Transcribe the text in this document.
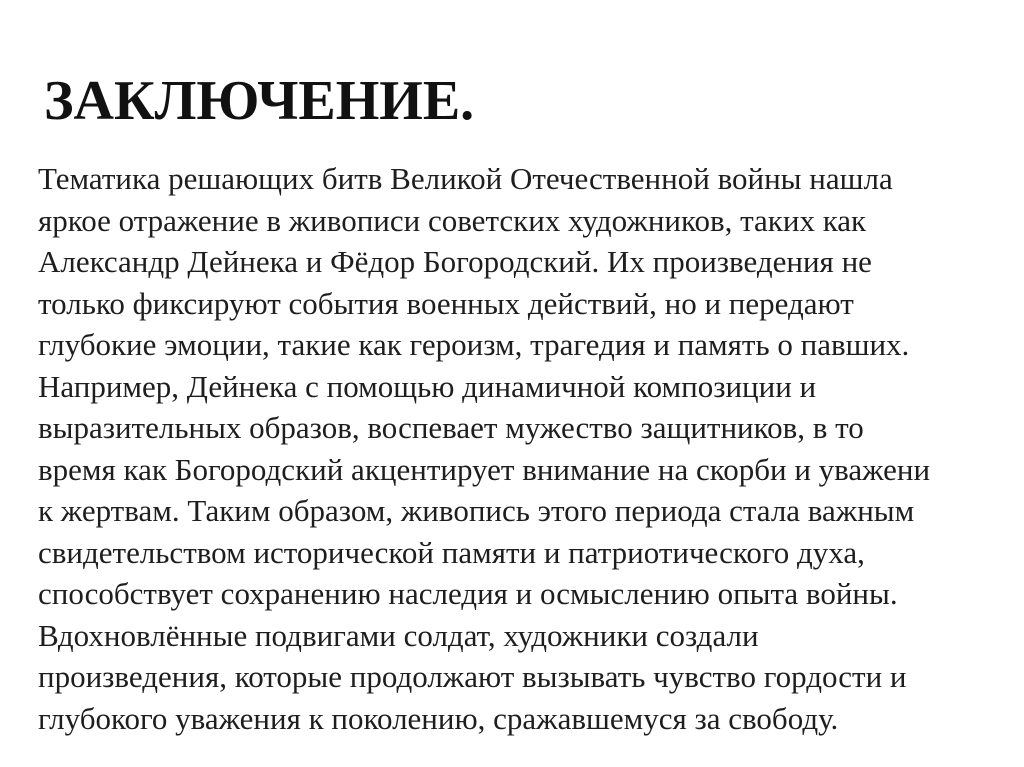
ЗАКЛЮЧЕНИЕ.
Тематика решающих битв Великой Отечественной войны нашла
яркое отражение в живописи советских художников, таких как
Александр Дейнека и Фёдор Богородский. Их произведения не
только фиксируют события военных действий, но и передают
глубокие эмоции, такие как героизм, трагедия и память о павших.
Например, Дейнека с помощью динамичной композиции и
выразительных образов, воспевает мужество защитников, в то
время как Богородский акцентирует внимание на скорби и уважени
к жертвам. Таким образом, живопись этого периода стала важным
свидетельством исторической памяти и патриотического духа,
способствует сохранению наследия и осмыслению опыта войны.
Вдохновлённые подвигами солдат, художники создали
произведения, которые продолжают вызывать чувство гордости и
глубокого уважения к поколению, сражавшемуся за свободу.
